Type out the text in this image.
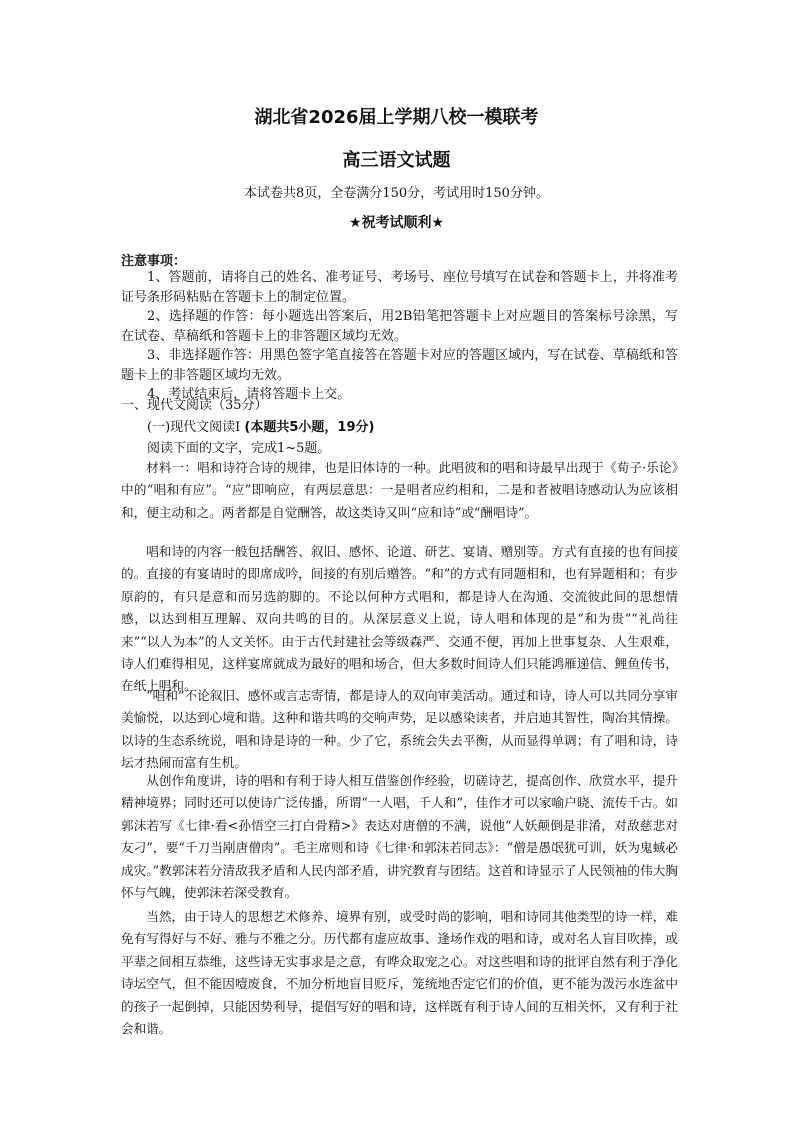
湖北省2026届上学期八校一模联考
高三语文试题
本试卷共8页，全卷满分150分，考试用时150分钟。
★祝考试顺利★
注意事项：

1、答题前，请将自己的姓名、准考证号、考场号、座位号填写在试卷和答题卡上，并将准考证号条形码粘贴在答题卡上的制定位置。

2、选择题的作答：每小题选出答案后，用2B铅笔把答题卡上对应题目的答案标号涂黑，写在试卷、草稿纸和答题卡上的非答题区域均无效。

3、非选择题作答：用黑色签字笔直接答在答题卡对应的答题区域内，写在试卷、草稿纸和答题卡上的非答题区域均无效。

4、考试结束后，请将答题卡上交。

一、现代文阅读（35分）
(一)现代文阅读Ⅰ (本题共5小题，19分)
阅读下面的文字，完成1~5题。

材料一：唱和诗符合诗的规律，也是旧体诗的一种。此唱彼和的唱和诗最早出现于《荀子·乐论》中的“唱和有应”。“应”即响应，有两层意思：一是唱者应约相和，二是和者被唱诗感动认为应该相和，便主动和之。两者都是自觉酬答，故这类诗又叫“应和诗”或“酬唱诗”。

唱和诗的内容一般包括酬答、叙旧、感怀、论道、研艺、宴请、赠别等。方式有直接的也有间接的。直接的有宴请时的即席成吟，间接的有别后赠答。“和”的方式有同题相和，也有异题相和；有步原韵的，有只是意和而另选韵脚的。不论以何种方式唱和，都是诗人在沟通、交流彼此间的思想情感，以达到相互理解、双向共鸣的目的。从深层意义上说，诗人唱和体现的是“和为贵”“礼尚往来”“以人为本”的人文关怀。由于古代封建社会等级森严、交通不便，再加上世事复杂、人生艰难，诗人们难得相见，这样宴席就成为最好的唱和场合，但大多数时间诗人们只能鸿雁递信、鲤鱼传书，在纸上唱和。

“唱和”不论叙旧、感怀或言志寄情，都是诗人的双向审美活动。通过和诗，诗人可以共同分享审美愉悦，以达到心境和谐。这种和谐共鸣的交响声势，足以感染读者，并启迪其智性，陶冶其情操。以诗的生态系统说，唱和诗是诗的一种。少了它，系统会失去平衡，从而显得单调；有了唱和诗，诗坛才热闹而富有生机。

从创作角度讲，诗的唱和有利于诗人相互借鉴创作经验，切磋诗艺，提高创作、欣赏水平，提升精神境界；同时还可以使诗广泛传播，所谓“一人唱，千人和”，佳作才可以家喻户晓、流传千古。如郭沫若写《七律·看<孙悟空三打白骨精>》表达对唐僧的不满，说他“人妖颠倒是非淆，对敌慈悲对友刁”，要“千刀当剐唐僧肉”。毛主席则和诗《七律·和郭沫若同志》：“僧是愚氓犹可训，妖为鬼蜮必成灾。”教郭沫若分清敌我矛盾和人民内部矛盾，讲究教育与团结。这首和诗显示了人民领袖的伟大胸怀与气魄，使郭沫若深受教育。

当然，由于诗人的思想艺术修养、境界有别，或受时尚的影响，唱和诗同其他类型的诗一样，难免有写得好与不好、雅与不雅之分。历代都有虚应故事、逢场作戏的唱和诗，或对名人盲目吹捧，或平辈之间相互恭维，这些诗无实事求是之意，有哗众取宠之心。对这些唱和诗的批评自然有利于净化诗坛空气，但不能因噎废食，不加分析地盲目贬斥，笼统地否定它们的价值，更不能为泼污水连盆中的孩子一起倒掉，只能因势利导，提倡写好的唱和诗，这样既有利于诗人间的互相关怀，又有利于社会和谐。
